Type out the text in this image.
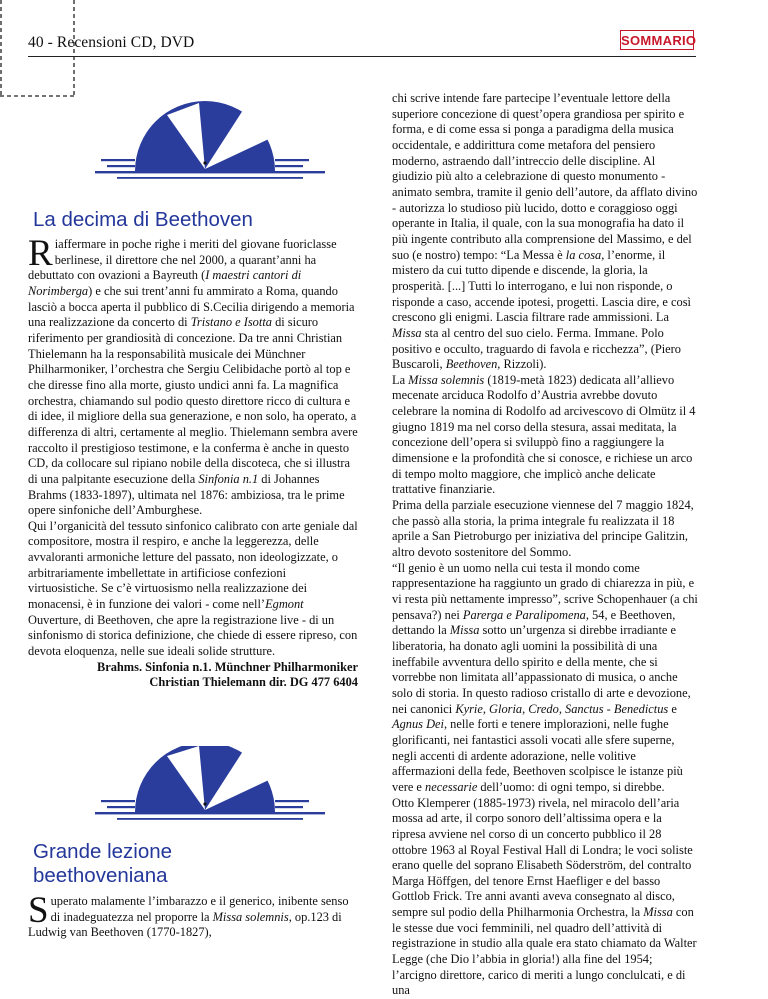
40 - Recensioni CD, DVD	SOMMARIO
La decima di Beethoven

Riaffermare in poche righe i meriti del giovane fuoriclasse berlinese, il direttore che nel 2000, a quarant’anni ha debuttato con ovazioni a Bayreuth (I maestri cantori di Norimberga) e che sui trent’anni fu ammirato a Roma, quando lasciò a bocca aperta il pubblico di S.Cecilia dirigendo a memoria una realizzazione da concerto di Tristano e Isotta di sicuro riferimento per grandiosità di concezione. Da tre anni Christian Thielemann ha la responsabilità musicale dei Münchner Philharmoniker, l’orchestra che Sergiu Celibidache portò al top e che diresse fino alla morte, giusto undici anni fa. La magnifica orchestra, chiamando sul podio questo direttore ricco di cultura e di idee, il migliore della sua generazione, e non solo, ha operato, a differenza di altri, certamente al meglio. Thielemann sembra avere raccolto il prestigioso testimone, e la conferma è anche in questo CD, da collocare sul ripiano nobile della discoteca, che si illustra di una palpitante esecuzione della Sinfonia n.1 di Johannes Brahms (1833-1897), ultimata nel 1876: ambiziosa, tra le prime opere sinfoniche dell’Amburghese.

Qui l’organicità del tessuto sinfonico calibrato con arte geniale dal compositore, mostra il respiro, e anche la leggerezza, delle avvaloranti armoniche letture del passato, non ideologizzate, o arbitrariamente imbellettate in artificiose confezioni virtuosistiche. Se c’è virtuosismo nella realizzazione dei monacensi, è in funzione dei valori - come nell’Egmont Ouverture, di Beethoven, che apre la registrazione live - di un sinfonismo di storica definizione, che chiede di essere ripreso, con devota eloquenza, nelle sue ideali solide strutture.

Brahms. Sinfonia n.1. Münchner Philharmoniker
Christian Thielemann dir. DG 477 6404

Grande lezione
beethoveniana

Superato malamente l’imbarazzo e il generico, inibente senso di inadeguatezza nel proporre la Missa solemnis, op.123 di Ludwig van Beethoven (1770-1827),

chi scrive intende fare partecipe l’eventuale lettore della superiore concezione di quest’opera grandiosa per spirito e forma, e di come essa si ponga a paradigma della musica occidentale, e addirittura come metafora del pensiero moderno, astraendo dall’intreccio delle discipline. Al giudizio più alto a celebrazione di questo monumento - animato sembra, tramite il genio dell’autore, da afflato divino - autorizza lo studioso più lucido, dotto e coraggioso oggi operante in Italia, il quale, con la sua monografia ha dato il più ingente contributo alla comprensione del Massimo, e del suo (e nostro) tempo: “La Messa è la cosa, l’enorme, il mistero da cui tutto dipende e discende, la gloria, la prosperità. [...] Tutti lo interrogano, e lui non risponde, o risponde a caso, accende ipotesi, progetti. Lascia dire, e così crescono gli enigmi. Lascia filtrare rade ammissioni. La Missa sta al centro del suo cielo. Ferma. Immane. Polo positivo e occulto, traguardo di favola e ricchezza”, (Piero Buscaroli, Beethoven, Rizzoli).

La Missa solemnis (1819-metà 1823) dedicata all’allievo mecenate arciduca Rodolfo d’Austria avrebbe dovuto celebrare la nomina di Rodolfo ad arcivescovo di Olmütz il 4 giugno 1819 ma nel corso della stesura, assai meditata, la concezione dell’opera si sviluppò fino a raggiungere la dimensione e la profondità che si conosce, e richiese un arco di tempo molto maggiore, che implicò anche delicate trattative finanziarie.

Prima della parziale esecuzione viennese del 7 maggio 1824, che passò alla storia, la prima integrale fu realizzata il 18 aprile a San Pietroburgo per iniziativa del principe Galitzin, altro devoto sostenitore del Sommo.

“Il genio è un uomo nella cui testa il mondo come rappresentazione ha raggiunto un grado di chiarezza in più, e vi resta più nettamente impresso”, scrive Schopenhauer (a chi pensava?) nei Parerga e Paralipomena, 54, e Beethoven, dettando la Missa sotto un’urgenza si direbbe irradiante e liberatoria, ha donato agli uomini la possibilità di una ineffabile avventura dello spirito e della mente, che si vorrebbe non limitata all’appassionato di musica, o anche solo di storia. In questo radioso cristallo di arte e devozione, nei canonici Kyrie, Gloria, Credo, Sanctus - Benedictus e Agnus Dei, nelle forti e tenere implorazioni, nelle fughe glorificanti, nei fantastici assoli vocati alle sfere superne, negli accenti di ardente adorazione, nelle volitive affermazioni della fede, Beethoven scolpisce le istanze più vere e necessarie dell’uomo: di ogni tempo, si direbbe.

Otto Klemperer (1885-1973) rivela, nel miracolo dell’aria mossa ad arte, il corpo sonoro dell’altissima opera e la ripresa avviene nel corso di un concerto pubblico il 28 ottobre 1963 al Royal Festival Hall di Londra; le voci soliste erano quelle del soprano Elisabeth Söderström, del contralto Marga Höffgen, del tenore Ernst Haefliger e del basso Gottlob Frick. Tre anni avanti aveva consegnato al disco, sempre sul podio della Philharmonia Orchestra, la Missa con le stesse due voci femminili, nel quadro dell’attività di registrazione in studio alla quale era stato chiamato da Walter Legge (che Dio l’abbia in gloria!) alla fine del 1954; l’arcigno direttore, carico di meriti a lungo conclulcati, e di una
